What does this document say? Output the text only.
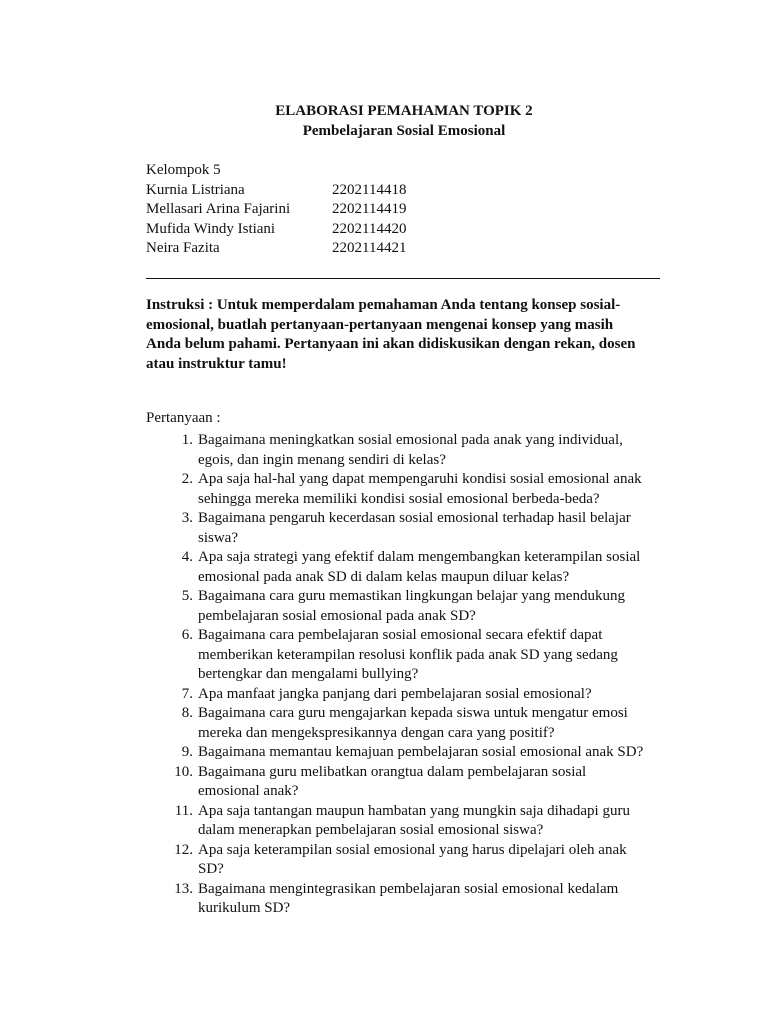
ELABORASI PEMAHAMAN TOPIK 2
Pembelajaran Sosial Emosional
Kelompok 5
Kurnia Listriana	2202114418
Mellasari Arina Fajarini	2202114419
Mufida Windy Istiani	2202114420
Neira Fazita	2202114421
Instruksi : Untuk memperdalam pemahaman Anda tentang konsep sosial-
emosional, buatlah pertanyaan-pertanyaan mengenai konsep yang masih
Anda belum pahami. Pertanyaan ini akan didiskusikan dengan rekan, dosen
atau instruktur tamu!
Pertanyaan :
1. Bagaimana meningkatkan sosial emosional pada anak yang individual,
egois, dan ingin menang sendiri di kelas?
2. Apa saja hal-hal yang dapat mempengaruhi kondisi sosial emosional anak
sehingga mereka memiliki kondisi sosial emosional berbeda-beda?
3. Bagaimana pengaruh kecerdasan sosial emosional terhadap hasil belajar
siswa?
4. Apa saja strategi yang efektif dalam mengembangkan keterampilan sosial
emosional pada anak SD di dalam kelas maupun diluar kelas?
5. Bagaimana cara guru memastikan lingkungan belajar yang mendukung
pembelajaran sosial emosional pada anak SD?
6. Bagaimana cara pembelajaran sosial emosional secara efektif dapat
memberikan keterampilan resolusi konflik pada anak SD yang sedang
bertengkar dan mengalami bullying?
7. Apa manfaat jangka panjang dari pembelajaran sosial emosional?
8. Bagaimana cara guru mengajarkan kepada siswa untuk mengatur emosi
mereka dan mengekspresikannya dengan cara yang positif?
9. Bagaimana memantau kemajuan pembelajaran sosial emosional anak SD?
10. Bagaimana guru melibatkan orangtua dalam pembelajaran sosial
emosional anak?
11. Apa saja tantangan maupun hambatan yang mungkin saja dihadapi guru
dalam menerapkan pembelajaran sosial emosional siswa?
12. Apa saja keterampilan sosial emosional yang harus dipelajari oleh anak
SD?
13. Bagaimana mengintegrasikan pembelajaran sosial emosional kedalam
kurikulum SD?
